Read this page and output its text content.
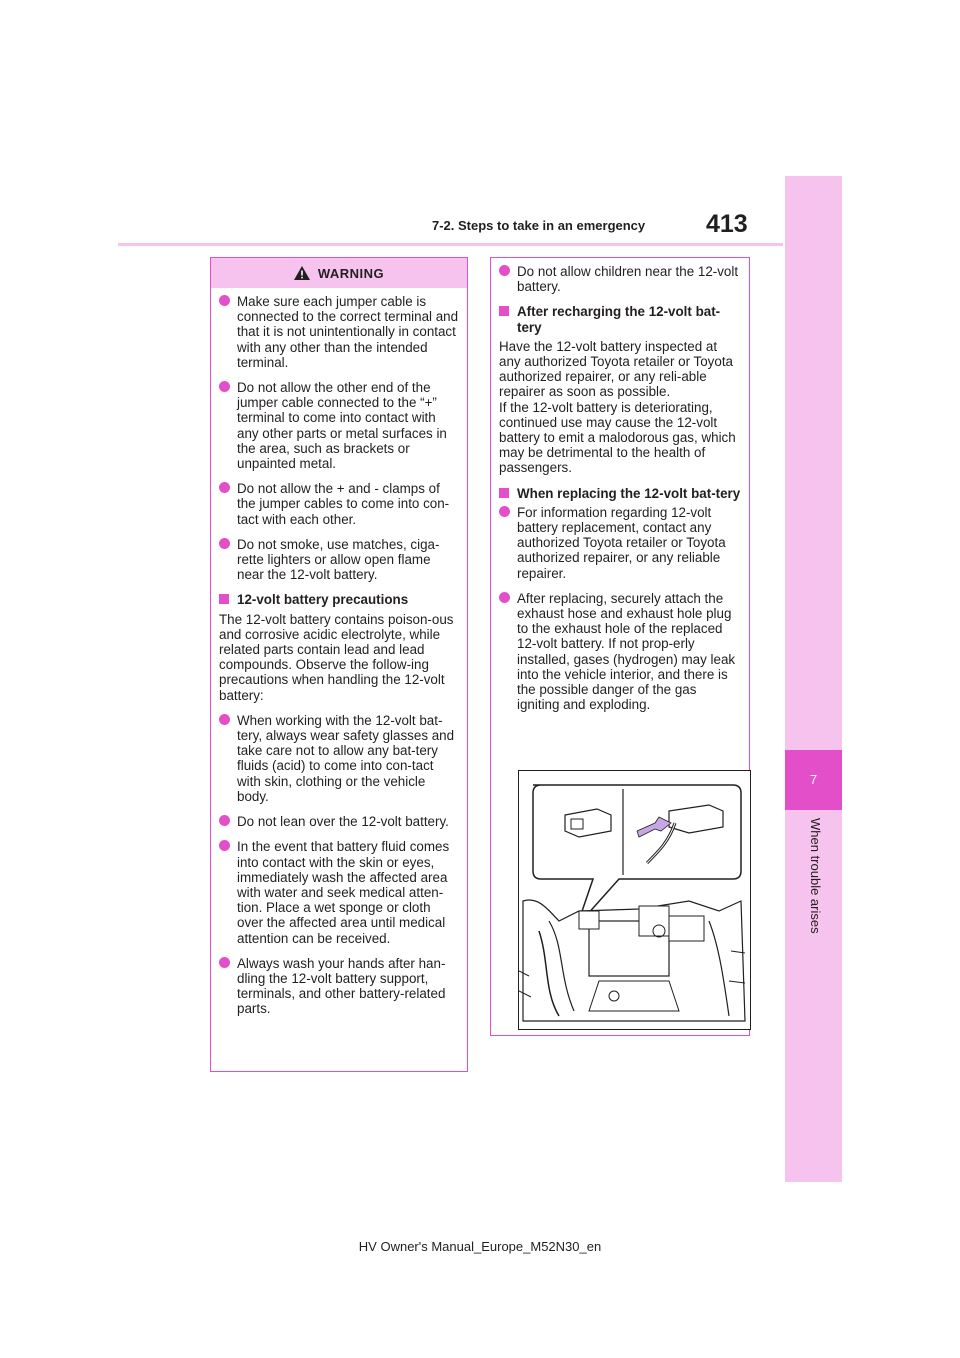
7
When trouble arises
7-2. Steps to take in an emergency 413
WARNING
Make sure each jumper cable is connected to the correct terminal and that it is not unintentionally in contact with any other than the intended terminal.
Do not allow the other end of the jumper cable connected to the “+” terminal to come into contact with any other parts or metal surfaces in the area, such as brackets or unpainted metal.
Do not allow the + and - clamps of the jumper cables to come into con-tact with each other.
Do not smoke, use matches, ciga-rette lighters or allow open flame near the 12-volt battery.
12-volt battery precautions
The 12-volt battery contains poison-ous and corrosive acidic electrolyte, while related parts contain lead and lead compounds. Observe the follow-ing precautions when handling the 12-volt battery:
When working with the 12-volt bat-tery, always wear safety glasses and take care not to allow any bat-tery fluids (acid) to come into con-tact with skin, clothing or the vehicle body.
Do not lean over the 12-volt battery.
In the event that battery fluid comes into contact with the skin or eyes, immediately wash the affected area with water and seek medical atten-tion. Place a wet sponge or cloth over the affected area until medical attention can be received.
Always wash your hands after han-dling the 12-volt battery support, terminals, and other battery-related parts.
Do not allow children near the 12-volt battery.
After recharging the 12-volt bat-tery
Have the 12-volt battery inspected at any authorized Toyota retailer or Toyota authorized repairer, or any reli-able repairer as soon as possible.
If the 12-volt battery is deteriorating, continued use may cause the 12-volt battery to emit a malodorous gas, which may be detrimental to the health of passengers.
When replacing the 12-volt bat-tery
For information regarding 12-volt battery replacement, contact any authorized Toyota retailer or Toyota authorized repairer, or any reliable repairer.
After replacing, securely attach the exhaust hose and exhaust hole plug to the exhaust hole of the replaced 12-volt battery. If not prop-erly installed, gases (hydrogen) may leak into the vehicle interior, and there is the possible danger of the gas igniting and exploding.
HV Owner's Manual_Europe_M52N30_en
